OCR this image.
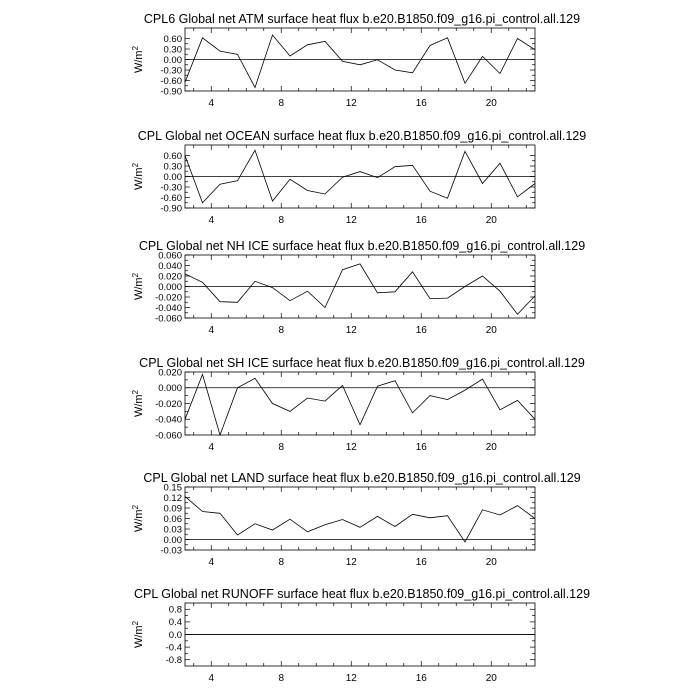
CPL6 Global net ATM surface heat flux b.e20.B1850.f09_g16.pi_control.all.129
0.60
0.30
0.00
-0.30
-0.60
-0.90
4	8	12	16	20
$W/m^2$
CPL Global net OCEAN surface heat flux b.e20.B1850.f09_g16.pi_control.all.129
0.60
0.30
0.00
-0.30
-0.60
-0.90
4	8	12	16	20
$W/m^2$
CPL Global net NH ICE surface heat flux b.e20.B1850.f09_g16.pi_control.all.129
0.060
0.040
0.020
0.000
-0.020
-0.040
-0.060
4	8	12	16	20
$W/m^2$
CPL Global net SH ICE surface heat flux b.e20.B1850.f09_g16.pi_control.all.129
0.020
0.000
-0.020
-0.040
-0.060
4	8	12	16	20
$W/m^2$
CPL Global net LAND surface heat flux b.e20.B1850.f09_g16.pi_control.all.129
0.15
0.12
0.09
0.06
0.03
0.00
-0.03
4	8	12	16	20
$W/m^2$
CPL Global net RUNOFF surface heat flux b.e20.B1850.f09_g16.pi_control.all.129
0.8
0.4
0.0
-0.4
-0.8
4	8	12	16	20
$W/m^2$
